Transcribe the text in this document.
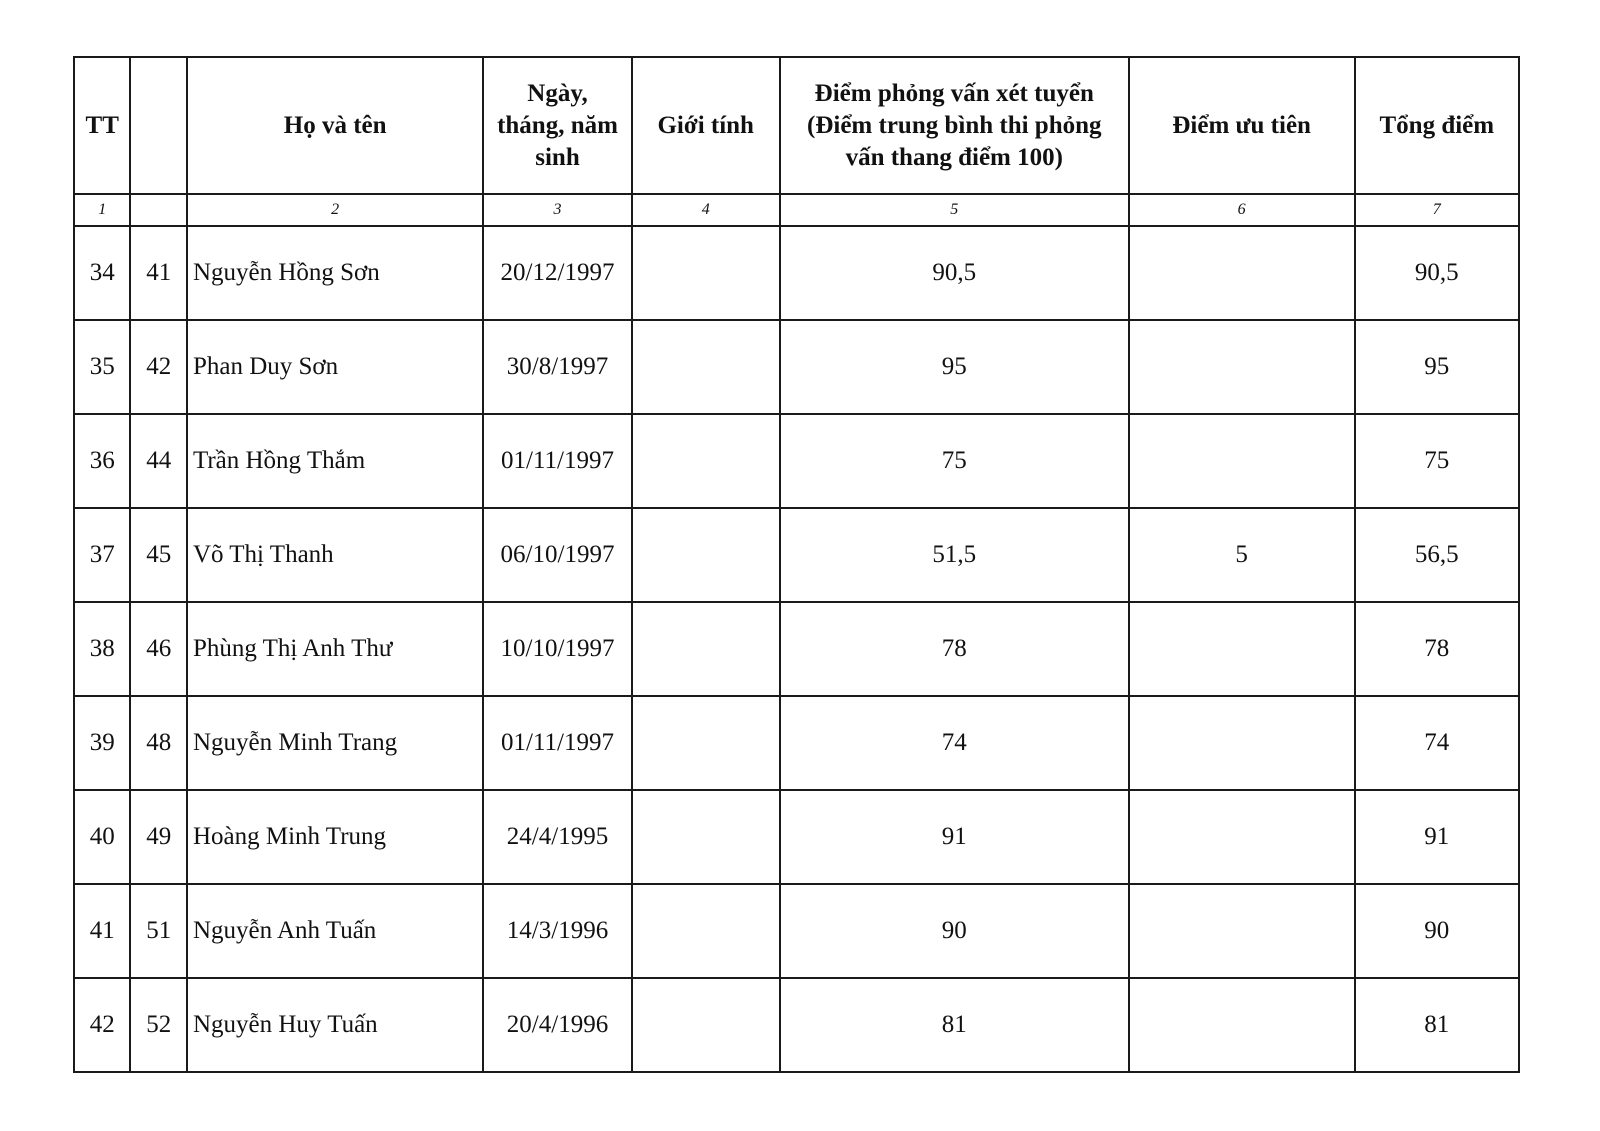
TT		Họ và tên	Ngày, tháng, năm sinh	Giới tính	Điểm phỏng vấn xét tuyển (Điểm trung bình thi phỏng vấn thang điểm 100)	Điểm ưu tiên	Tổng điểm
1		2	3	4	5	6	7
34	41	Nguyễn Hồng Sơn	20/12/1997		90,5		90,5
35	42	Phan Duy Sơn	30/8/1997		95		95
36	44	Trần Hồng Thắm	01/11/1997		75		75
37	45	Võ Thị Thanh	06/10/1997		51,5	5	56,5
38	46	Phùng Thị Anh Thư	10/10/1997		78		78
39	48	Nguyễn Minh Trang	01/11/1997		74		74
40	49	Hoàng Minh Trung	24/4/1995		91		91
41	51	Nguyễn Anh Tuấn	14/3/1996		90		90
42	52	Nguyễn Huy Tuấn	20/4/1996		81		81
